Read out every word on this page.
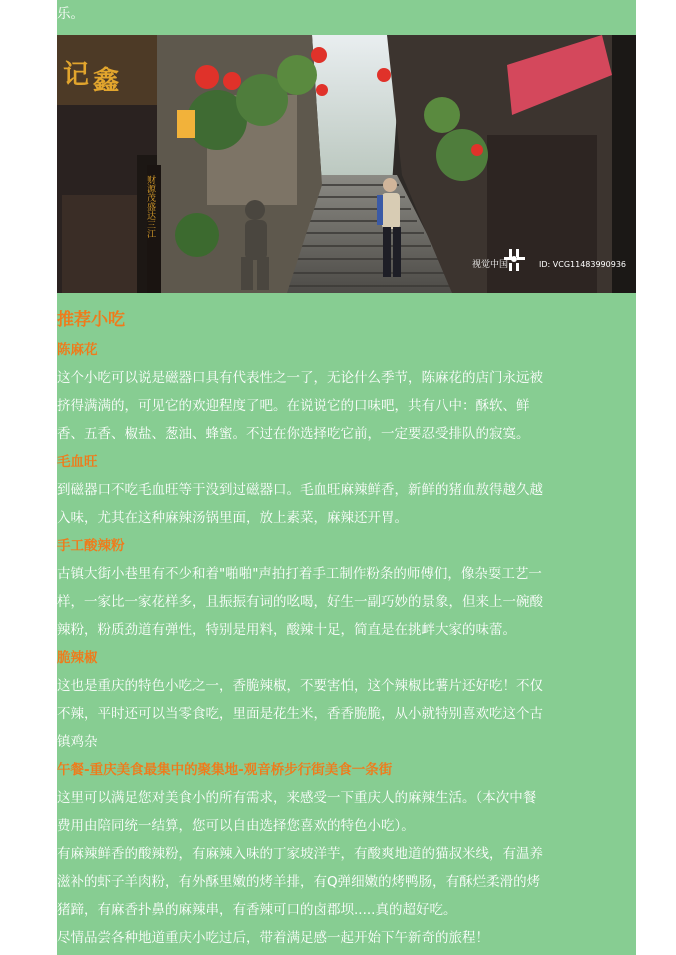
乐。
记 鑫
财源茂盛达三江
视觉中国	ID: VCG11483990936
推荐小吃
陈麻花
这个小吃可以说是磁器口具有代表性之一了，无论什么季节，陈麻花的店门永远被
挤得满满的，可见它的欢迎程度了吧。在说说它的口味吧，共有八中：酥软、鲜
香、五香、椒盐、葱油、蜂蜜。不过在你选择吃它前，一定要忍受排队的寂寞。
毛血旺
到磁器口不吃毛血旺等于没到过磁器口。毛血旺麻辣鲜香，新鲜的猪血敖得越久越
入味，尤其在这种麻辣汤锅里面，放上素菜，麻辣还开胃。
手工酸辣粉
古镇大街小巷里有不少和着"啪啪"声拍打着手工制作粉条的师傅们，像杂耍工艺一
样，一家比一家花样多，且振振有词的吆喝，好生一副巧妙的景象，但来上一碗酸
辣粉，粉质劲道有弹性，特别是用料，酸辣十足，简直是在挑衅大家的味蕾。
脆辣椒
这也是重庆的特色小吃之一，香脆辣椒，不要害怕，这个辣椒比薯片还好吃！不仅
不辣，平时还可以当零食吃，里面是花生米，香香脆脆，从小就特别喜欢吃这个古
镇鸡杂
午餐-重庆美食最集中的聚集地-观音桥步行街美食一条街
这里可以满足您对美食小的所有需求，来感受一下重庆人的麻辣生活。（本次中餐
费用由陪同统一结算，您可以自由选择您喜欢的特色小吃）。
有麻辣鲜香的酸辣粉，有麻辣入味的丁家坡洋芋，有酸爽地道的猫叔米线，有温养
滋补的虾子羊肉粉，有外酥里嫩的烤羊排，有Q弹细嫩的烤鸭肠，有酥烂柔滑的烤
猪蹄，有麻香扑鼻的麻辣串，有香辣可口的卤郡坝.....真的超好吃。
尽情品尝各种地道重庆小吃过后，带着满足感一起开始下午新奇的旅程！
